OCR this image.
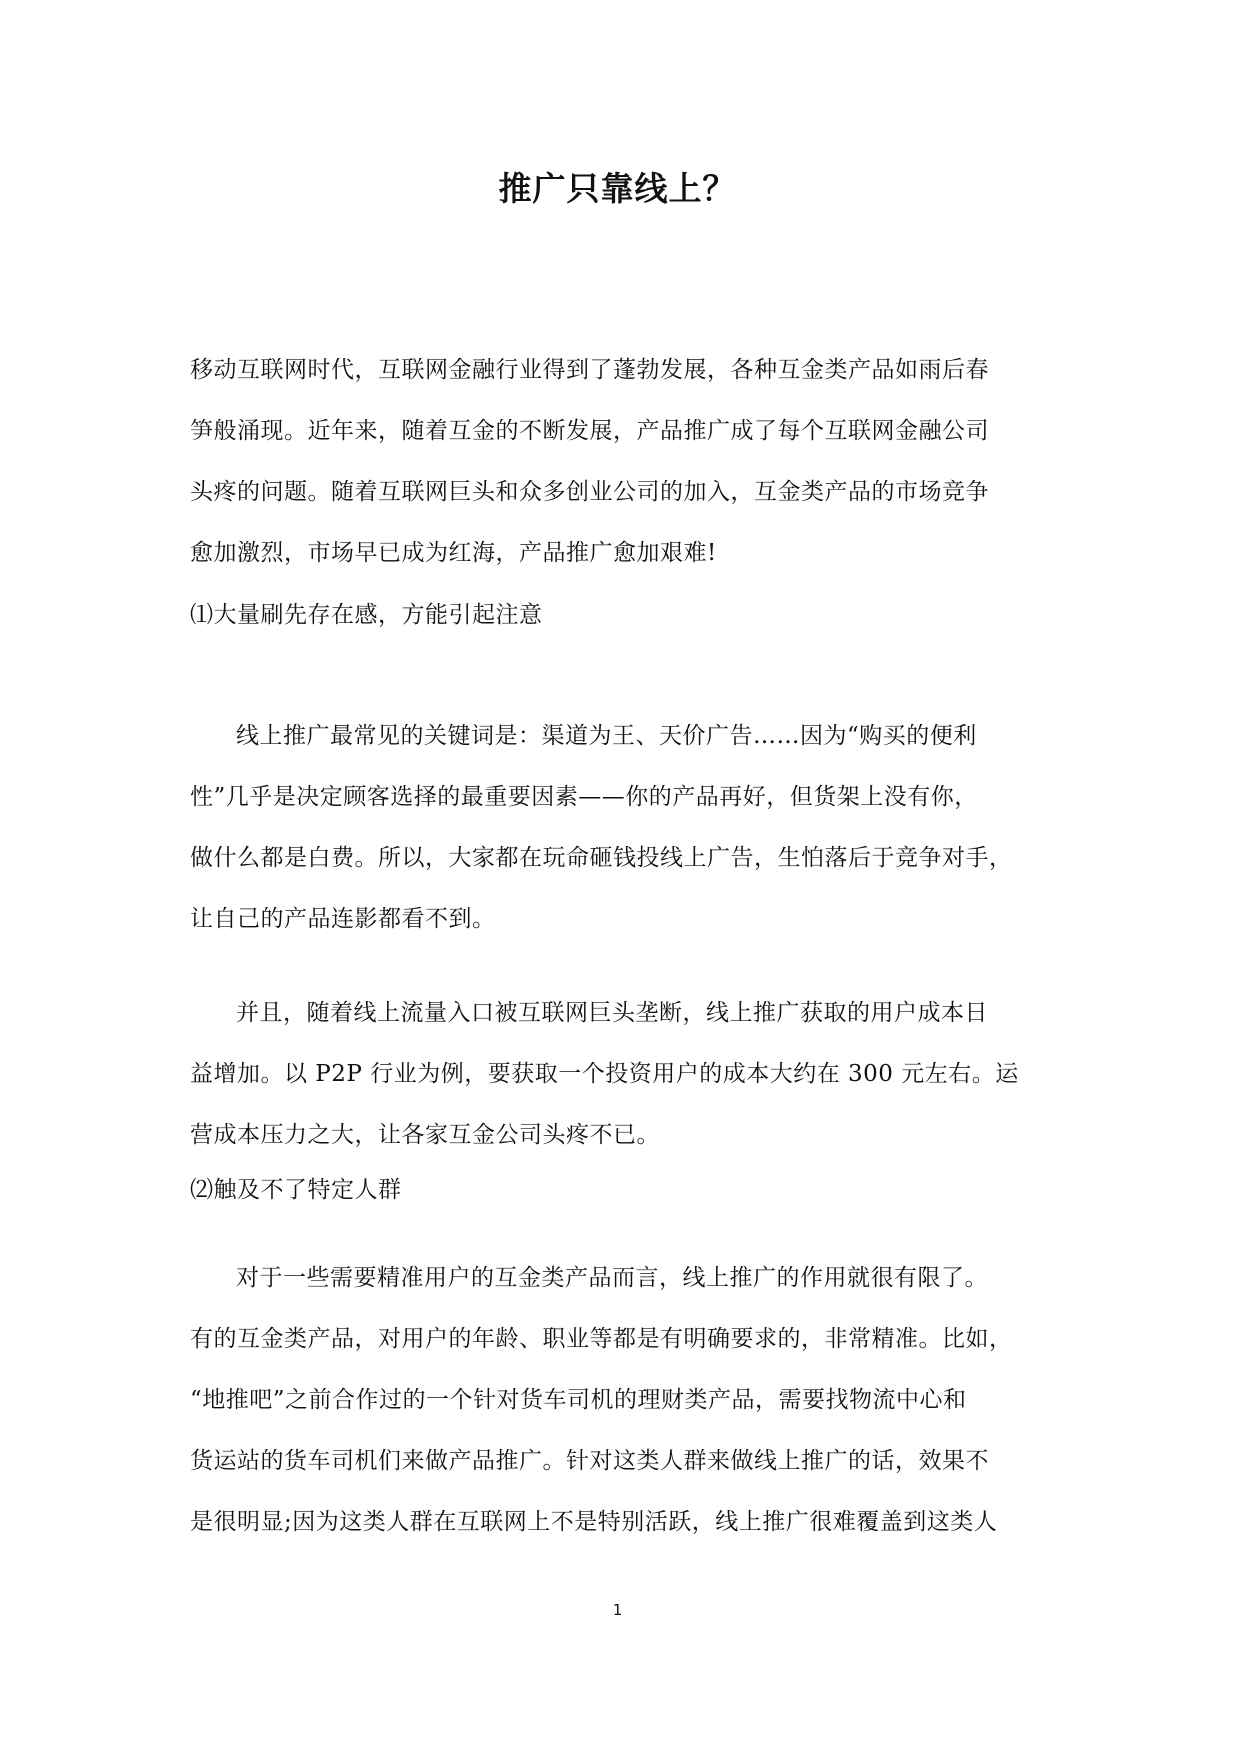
推广只靠线上？
移动互联网时代，互联网金融行业得到了蓬勃发展，各种互金类产品如雨后春
笋般涌现。近年来，随着互金的不断发展，产品推广成了每个互联网金融公司
头疼的问题。随着互联网巨头和众多创业公司的加入，互金类产品的市场竞争
愈加激烈，市场早已成为红海，产品推广愈加艰难!
⑴大量刷先存在感，方能引起注意
线上推广最常见的关键词是：渠道为王、天价广告……因为“购买的便利
性”几乎是决定顾客选择的最重要因素——你的产品再好，但货架上没有你，
做什么都是白费。所以，大家都在玩命砸钱投线上广告，生怕落后于竞争对手，
让自己的产品连影都看不到。
并且，随着线上流量入口被互联网巨头垄断，线上推广获取的用户成本日
益增加。以 P2P 行业为例，要获取一个投资用户的成本大约在 300 元左右。运
营成本压力之大，让各家互金公司头疼不已。
⑵触及不了特定人群
对于一些需要精准用户的互金类产品而言，线上推广的作用就很有限了。
有的互金类产品，对用户的年龄、职业等都是有明确要求的，非常精准。比如，
“地推吧”之前合作过的一个针对货车司机的理财类产品，需要找物流中心和
货运站的货车司机们来做产品推广。针对这类人群来做线上推广的话，效果不
是很明显;因为这类人群在互联网上不是特别活跃，线上推广很难覆盖到这类人
1
